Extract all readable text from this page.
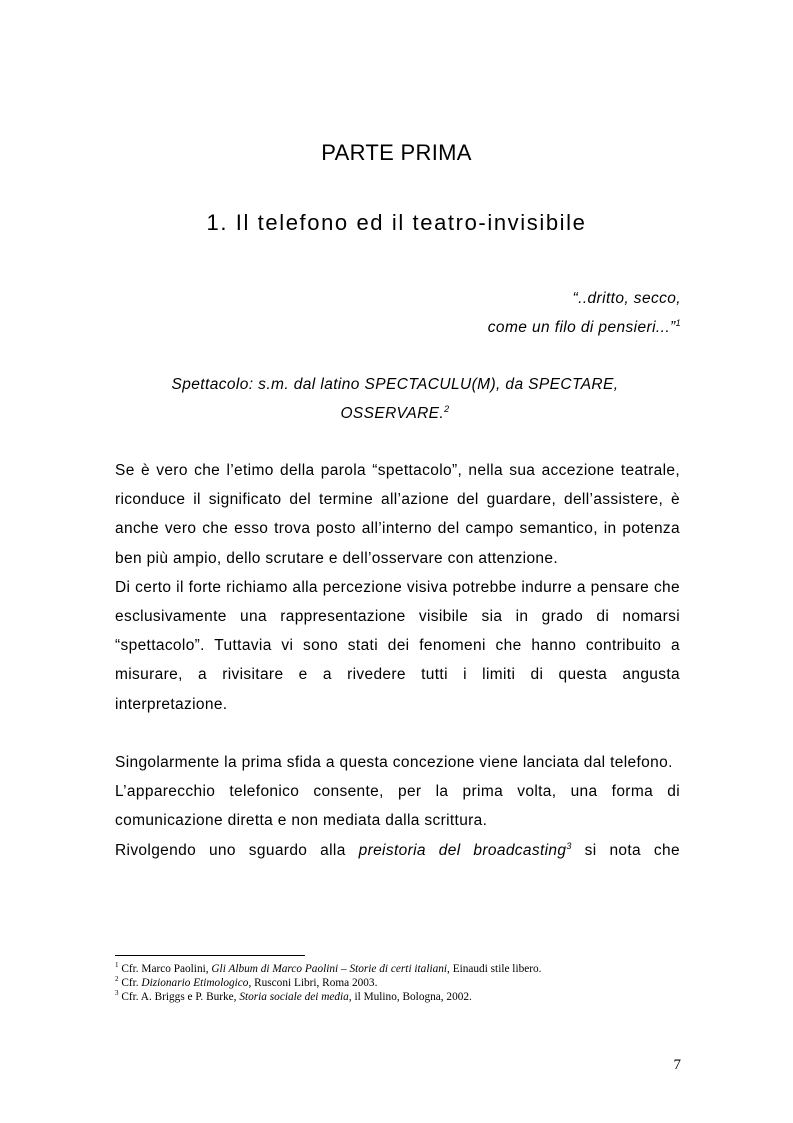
PARTE PRIMA
1. Il telefono ed il teatro-invisibile
“..dritto, secco,
come un filo di pensieri...”$^1$
Spettacolo: s.m. dal latino SPECTACULU(M), da SPECTARE,
OSSERVARE.$^2$

Se è vero che l’etimo della parola “spettacolo”, nella sua accezione teatrale, riconduce il significato del termine all’azione del guardare, dell’assistere, è anche vero che esso trova posto all’interno del campo semantico, in potenza ben più ampio, dello scrutare e dell’osservare con attenzione.

Di certo il forte richiamo alla percezione visiva potrebbe indurre a pensare che esclusivamente una rappresentazione visibile sia in grado di nomarsi “spettacolo”. Tuttavia vi sono stati dei fenomeni che hanno contribuito a misurare, a rivisitare e a rivedere tutti i limiti di questa angusta interpretazione.

Singolarmente la prima sfida a questa concezione viene lanciata dal telefono.

L’apparecchio telefonico consente, per la prima volta, una forma di comunicazione diretta e non mediata dalla scrittura.

Rivolgendo uno sguardo alla preistoria del broadcasting$^3$ si nota che

$^1$ Cfr. Marco Paolini, Gli Album di Marco Paolini – Storie di certi italiani, Einaudi stile libero.
$^2$ Cfr. Dizionario Etimologico, Rusconi Libri, Roma 2003.
$^3$ Cfr. A. Briggs e P. Burke, Storia sociale dei media, il Mulino, Bologna, 2002.
7
